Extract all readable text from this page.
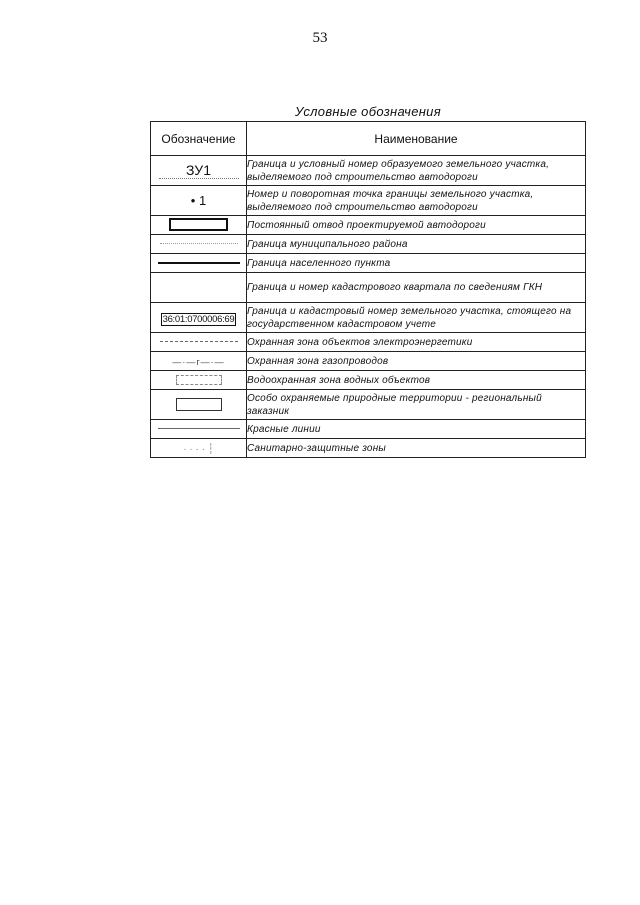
53
Условные обозначения
Обозначение	Наименование

ЗУ1	Граница и условный номер образуемого земельного участка, выделяемого под строительство автодороги
• 1	Номер и поворотная точка границы земельного участка, выделяемого под строительство автодороги
	Постоянный отвод проектируемой автодороги
	Граница муниципального района
	Граница населенного пункта
	Граница и номер кадастрового квартала по сведениям ГКН
36:01:0700006:69	Граница и кадастровый номер земельного участка, стоящего на государственном кадастровом учете
	Охранная зона объектов электроэнергетики
—·—г—·—	Охранная зона газопроводов
	Водоохранная зона водных объектов
	Особо охраняемые природные территории - региональный заказник
	Красные линии
· · · · ┆	Санитарно-защитные зоны
